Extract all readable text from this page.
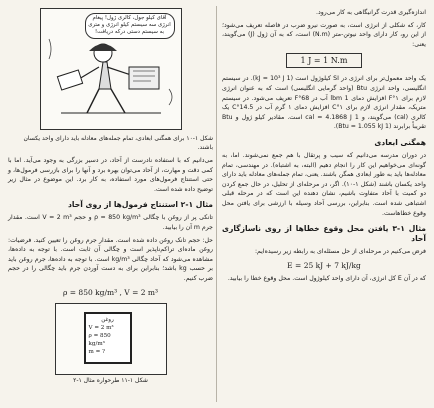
اندازه‌گیری قدرت گرانیگاهی به کار می‌رود.

کار، که شکلی از انرژی است، به صورت نیرو ضرب در فاصله تعریف می‌شود؛ از این رو، کار دارای واحد نیوتن-متر (N.m) است، که به آن ژول (J) می‌گویند، یعنی:

1 J = 1 N.m

یک واحد معمول‌تر برای انرژی در SI کیلوژول است (kJ = 10³ J 1). در سیستم انگلیسی، واحد انرژی Btu (واحد گرمایی انگلیسی) است که به عنوان انرژی لازم برای ۱°F افزایش دمای 1 lbm آب در 68°F تعریف می‌شود. در سیستم متریک، مقدار انرژی لازم برای ۱°C افزایش دمای ۱ گرم آب در 14.5°C یک کالری (cal) می‌گویند، و 1 cal = 4.1868 J است. مقادیر کیلو ژول و Btu تقریباً برابرند (1 Btu = 1.055 kJ).

همگنی ابعادی

در دوران مدرسه می‌دانیم که سیب و پرتقال با هم جمع نمی‌شوند. اما، به گونه‌ای می‌خواهیم این کار را انجام دهیم (البته، به اشتباه). در مهندسی، تمام معادله‌ها باید به طور ابعادی همگن باشند. یعنی، تمام جمله‌های معادله باید دارای واحد یکسان باشند (شکل ۱-۱۰). اگر، در مرحله‌ای از تحلیل، در حال جمع کردن دو کمیت با آحاد متفاوت باشیم، نشان دهنده این است که در مرحله قبلی اشتباهی شده است. بنابراین، بررسی آحاد وسیله با ارزشی برای یافتن محل وقوع خطاهاست.

مثال ۱-۳ یافتن محل وقوع خطاها از روی ناسازگاری آحاد

فرض می‌کنیم در مرحله‌ای از حل مسئله‌ای به رابطه زیر رسیده‌ایم:

E = 25 kJ + 7 kJ/kg

که در آن E کل انرژی، آن دارای واحد کیلوژول است. محل وقوع خطا را بیابید.

آقای کیلو جول، کالری ژول! پیغام انرژی سه سیستم کیلو انرژی و متری به سیستم دستی درکه دریافت!

شکل ۱-۱۰ برای همگنی ابعادی، تمام جمله‌های معادله باید دارای واحد یکسان باشند.

می‌دانیم که با استفاده نادرست از آحاد، در دسیر بزرگی به وجود می‌آید. اما با کمی دقت و مهارت، از آحاد می‌توان بهره برد و آنها را برای بازرسی فرمول‌ها، و حتی استنتاج فرمول‌های مورد استفاده، به کار برد. این موضوع در مثال زیر توضیح داده شده است.

مثال ۱-۲ استنتاج فرمول‌ها از روی آحاد

تانکی پر از روغن با چگالی ρ = 850 kg/m³ و حجم V = 2 m³ است. مقدار جرم m آن را بیابید.

حل: حجم تانک روغن داده شده است. مقدار جرم روغن را تعیین کنید. فرضیات: روغن ماده‌ای تراکم‌ناپذیر است و چگالی آن ثابت است. با توجه به داده‌ها، مشاهده می‌شود که آحاد چگالی kg/m³ است. با توجه به داده‌ها، جرم روغن باید بر حسب kg باشد؛ بنابراین برای به دست آوردن جرم باید چگالی را در حجم ضرب کنیم.

ρ = 850 kg/m³ , V = 2 m³
روغن
V = 2 m³
ρ = 850 kg/m³
m = ?
شکل ۱-۱۱ طرحواره مثال ۱-۲
